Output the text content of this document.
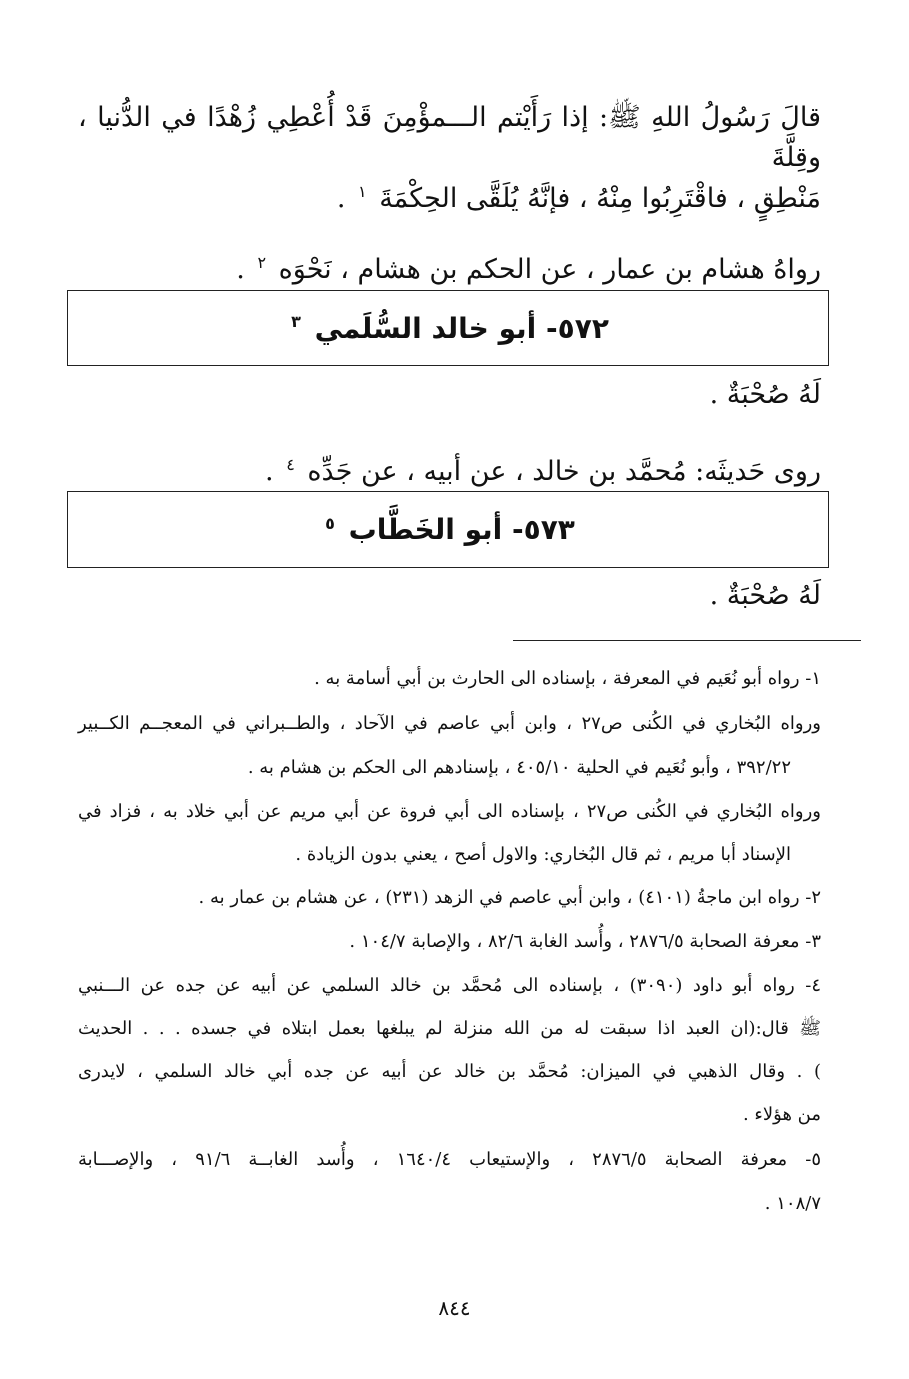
قالَ رَسُولُ اللهِ ﷺ: إذا رَأَيْتم الـــمؤْمِنَ قَدْ أُعْطِي زُهْدًا في الدُّنيا ، وقِلَّةَ
مَنْطِقٍ ، فاقْتَرِبُوا مِنْهُ ، فإنَّهُ يُلَقَّى الحِكْمَةَ $^١$ .
رواهُ هشام بن عمار ، عن الحكم بن هشام ، نَحْوَه $^٢$ .
٥٧٢- أبو خالد السُّلَمي $^٣$
لَهُ صُحْبَةٌ .
روى حَديثَه: مُحمَّد بن خالد ، عن أبيه ، عن جَدِّه $^٤$ .
٥٧٣- أبو الخَطَّاب $^٥$
لَهُ صُحْبَةٌ .
١- رواه أبو نُعَيم في المعرفة ، بإسناده الى الحارث بن أبي أسامة به .
ورواه البُخاري في الكُنى ص٢٧ ، وابن أبي عاصم في الآحاد ، والطــبراني في المعجــم الكــبير
٣٩٢/٢٢ ، وأبو نُعَيم في الحلية ٤٠٥/١٠ ، بإسنادهم الى الحكم بن هشام به .
ورواه البُخاري في الكُنى ص٢٧ ، بإسناده الى أبي فروة عن أبي مريم عن أبي خلاد به ، فزاد في
الإسناد أبا مريم ، ثم قال البُخاري: والاول أصح ، يعني بدون الزيادة .
٢- رواه ابن ماجةُ (٤١٠١) ، وابن أبي عاصم في الزهد (٢٣١) ، عن هشام بن عمار به .
٣- معرفة الصحابة ٢٨٧٦/٥ ، وأُسد الغابة ٨٢/٦ ، والإصابة ١٠٤/٧ .
٤- رواه أبو داود (٣٠٩٠) ، بإسناده الى مُحمَّد بن خالد السلمي عن أبيه عن جده عن الـــنبي
ﷺ قال:(ان العبد اذا سبقت له من الله منزلة لم يبلغها بعمل ابتلاه في جسده . . . الحديث
) . وقال الذهبي في الميزان: مُحمَّد بن خالد عن أبيه عن جده أبي خالد السلمي ، لايدرى
من هؤلاء .
٥- معرفة الصحابة ٢٨٧٦/٥ ، والإستيعاب ١٦٤٠/٤ ، وأُسد الغابــة ٩١/٦ ، والإصـــابة
١٠٨/٧ .
٨٤٤
